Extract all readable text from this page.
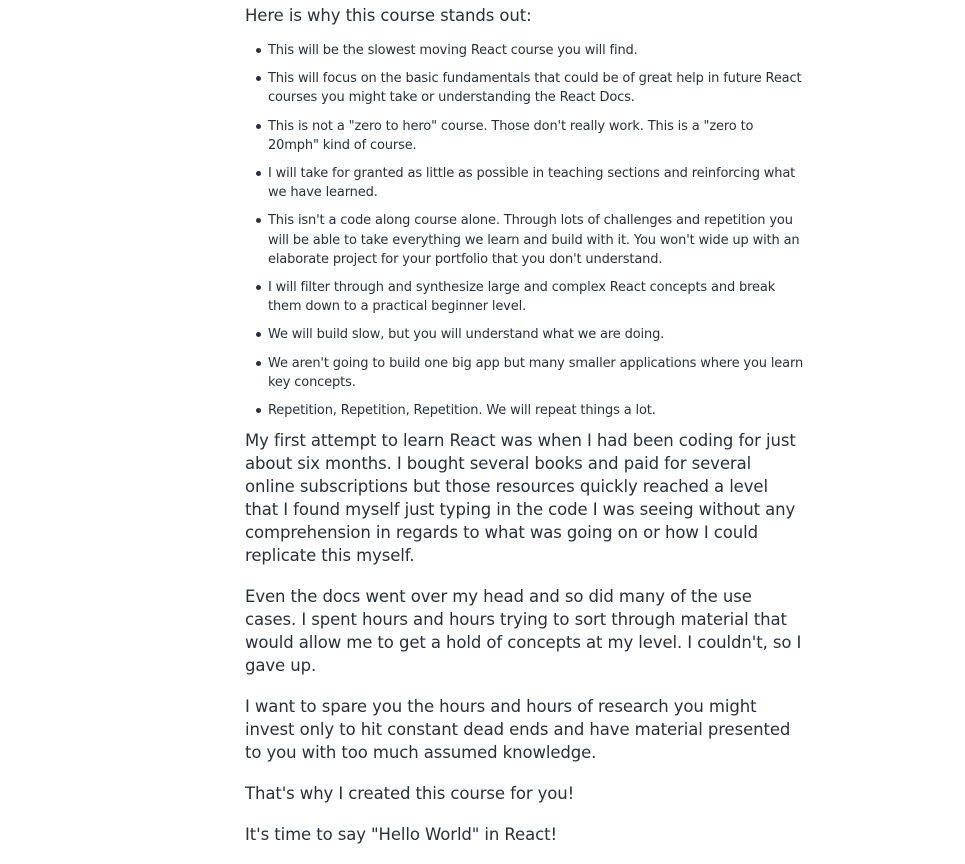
Here is why this course stands out:

This will be the slowest moving React course you will find.
This will focus on the basic fundamentals that could be of great help in future React courses you might take or understanding the React Docs.
This is not a "zero to hero" course. Those don't really work. This is a "zero to 20mph" kind of course.
I will take for granted as little as possible in teaching sections and reinforcing what we have learned.
This isn't a code along course alone. Through lots of challenges and repetition you will be able to take everything we learn and build with it. You won't wide up with an elaborate project for your portfolio that you don't understand.
I will filter through and synthesize large and complex React concepts and break them down to a practical beginner level.
We will build slow, but you will understand what we are doing.
We aren't going to build one big app but many smaller applications where you learn key concepts.
Repetition, Repetition, Repetition. We will repeat things a lot.

My first attempt to learn React was when I had been coding for just about six months. I bought several books and paid for several online subscriptions but those resources quickly reached a level that I found myself just typing in the code I was seeing without any comprehension in regards to what was going on or how I could replicate this myself.

Even the docs went over my head and so did many of the use cases. I spent hours and hours trying to sort through material that would allow me to get a hold of concepts at my level. I couldn't, so I gave up.

I want to spare you the hours and hours of research you might invest only to hit constant dead ends and have material presented to you with too much assumed knowledge.

That's why I created this course for you!

It's time to say "Hello World" in React!
